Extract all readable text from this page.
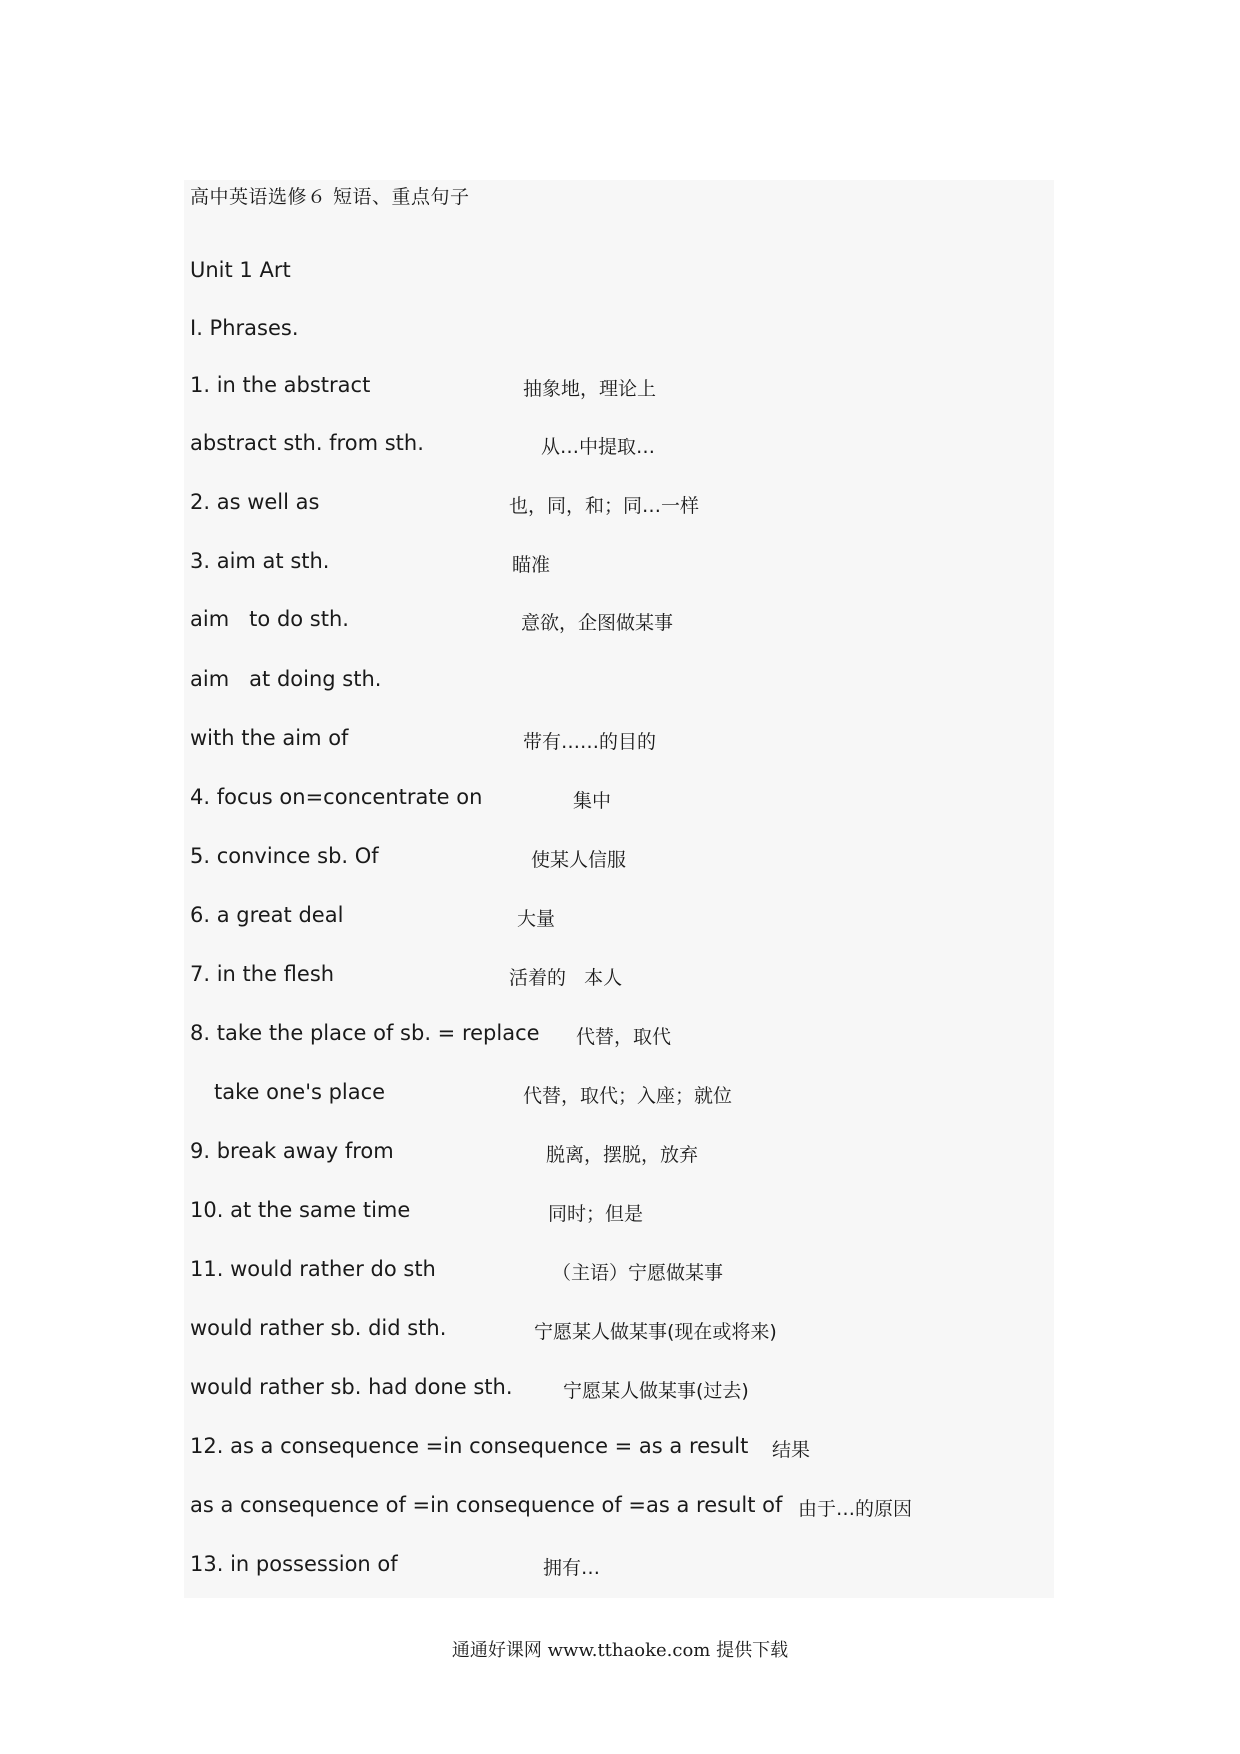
高中英语选修６ 短语、重点句子
Unit 1 Art
Ⅰ. Phrases.
1. in the abstract	抽象地，理论上
abstract sth. from sth.	从…中提取…
2. as well as	也，同，和；同…一样
3. aim at sth.	瞄准
aim   to do sth.	意欲，企图做某事
aim   at doing sth.
with the aim of	带有……的目的
4. focus on=concentrate on	集中
5. convince sb. Of	使某人信服
6. a great deal	大量
7. in the flesh	活着的   本人
8. take the place of sb. = replace 代替，取代
take one's place	代替，取代；入座；就位
9. break away from	脱离，摆脱，放弃
10. at the same time	同时；但是
11. would rather do sth	（主语）宁愿做某事
would rather sb. did sth.	宁愿某人做某事(现在或将来)
would rather sb. had done sth.	宁愿某人做某事(过去)
12. as a consequence =in consequence = as a result 结果
as a consequence of =in consequence of =as a result of 由于…的原因
13. in possession of	拥有…
通通好课网 www.tthaoke.com 提供下载
